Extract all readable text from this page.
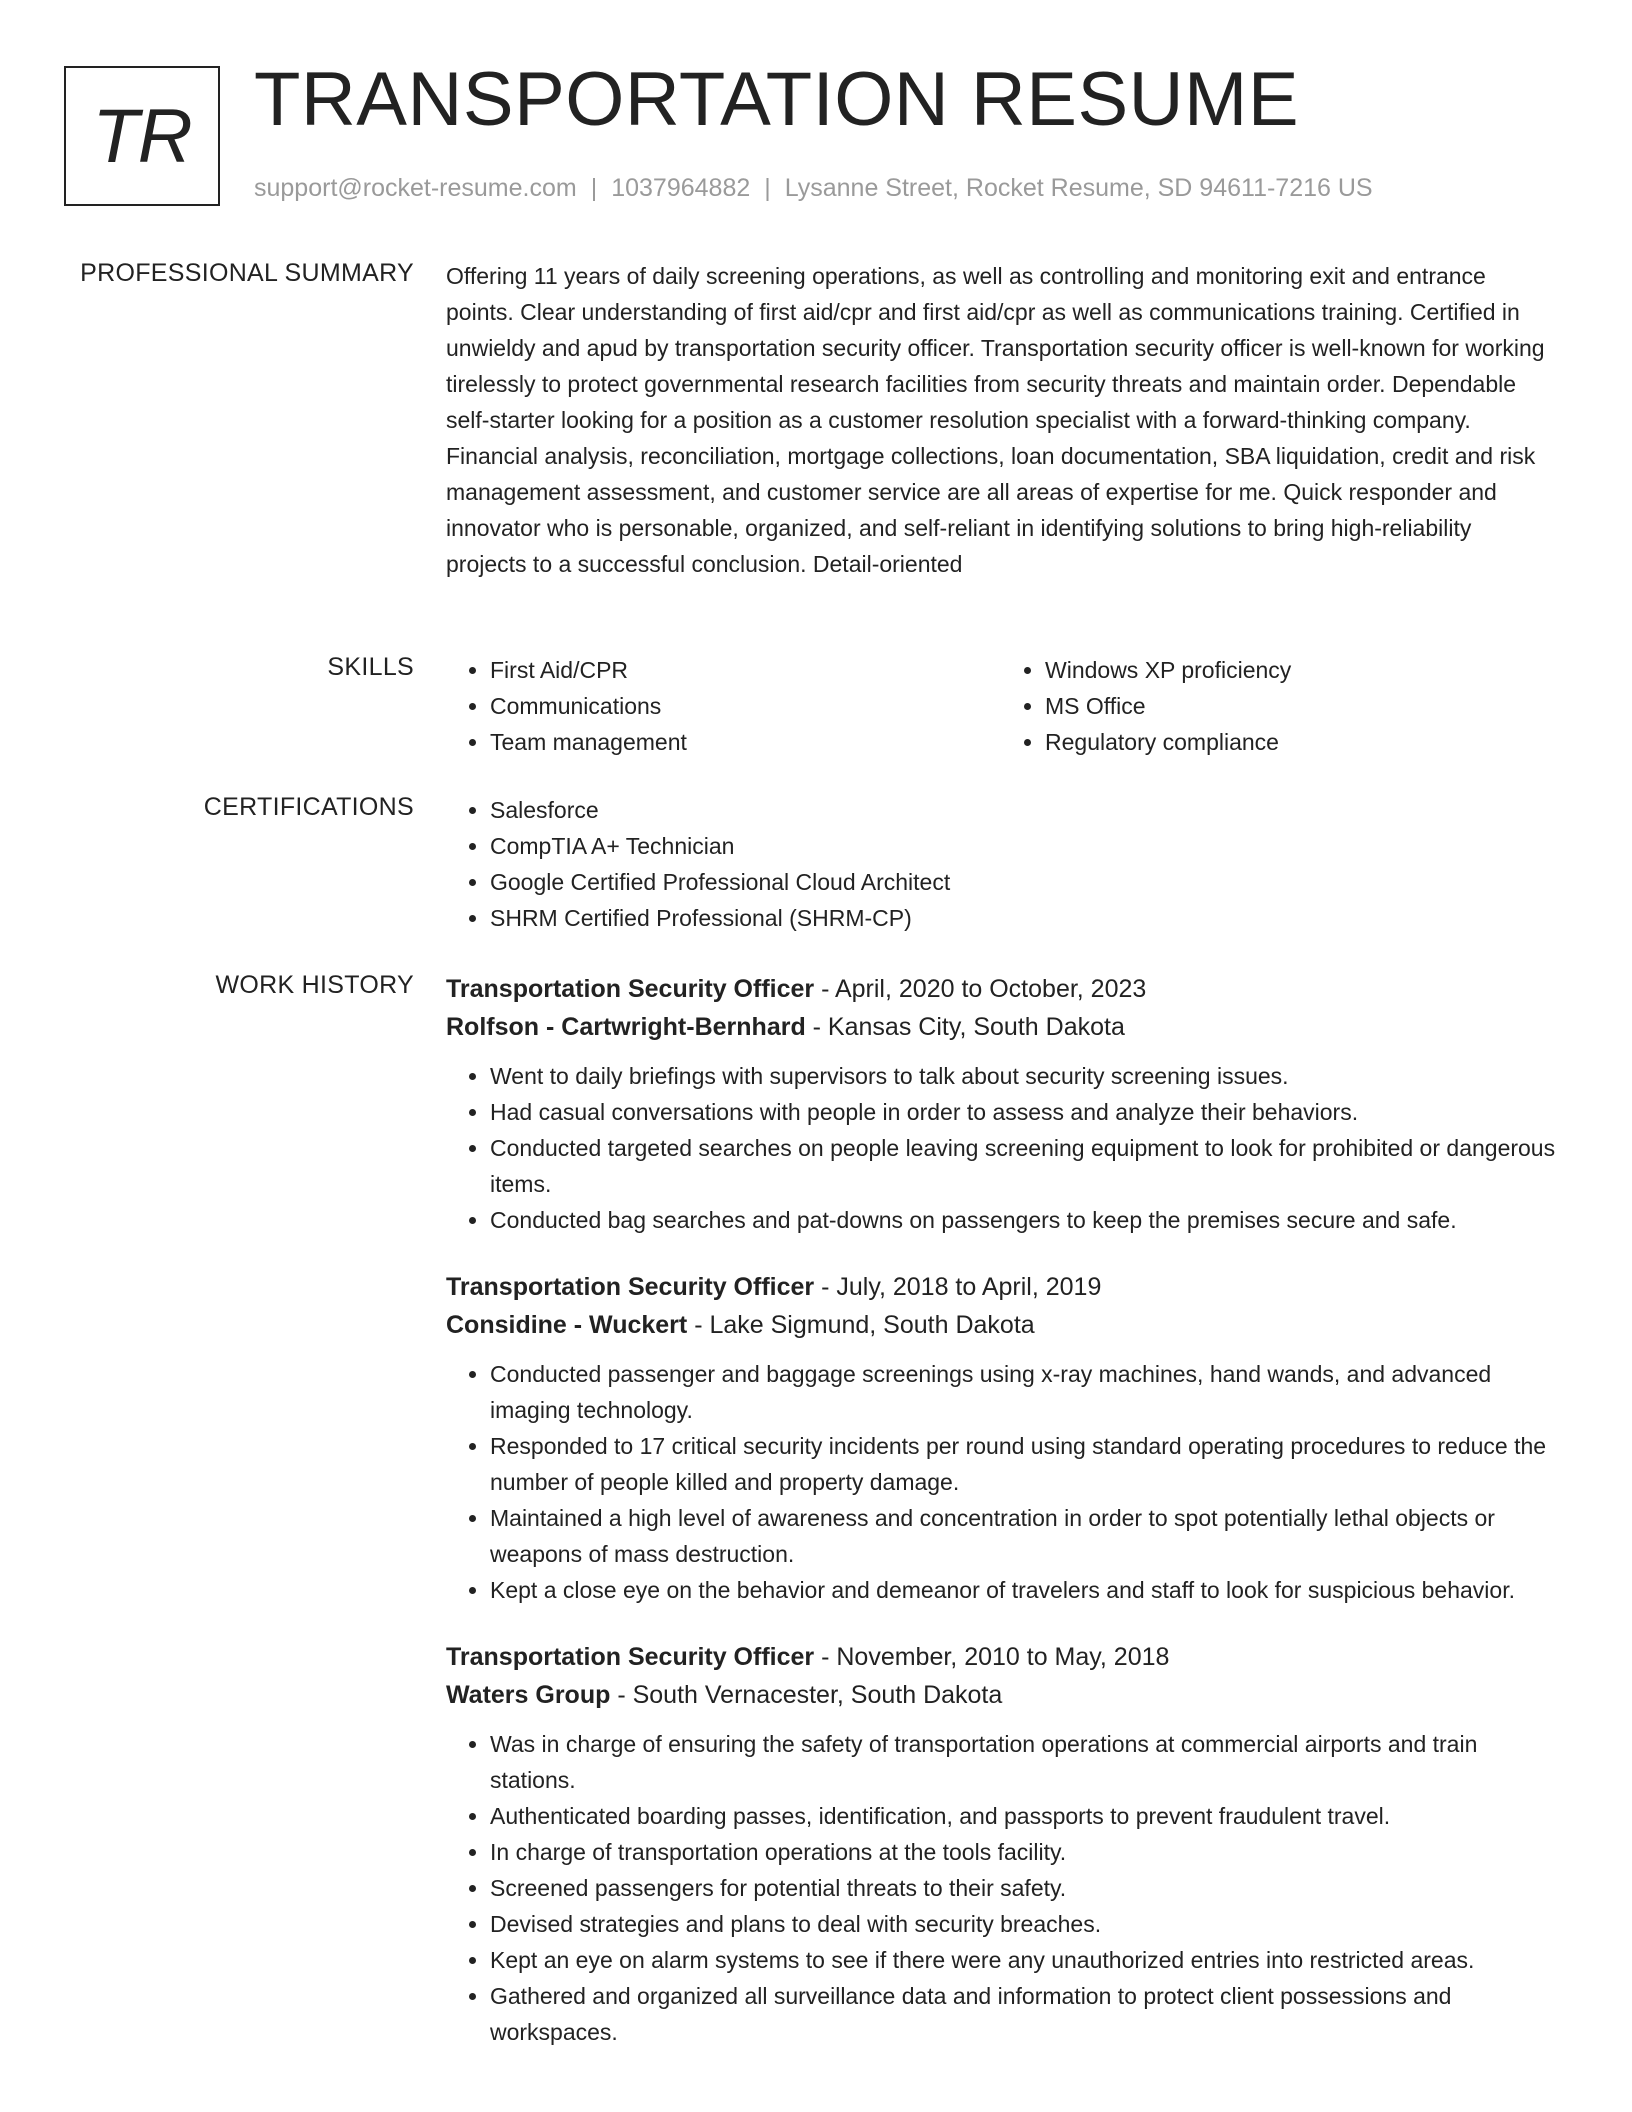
TR TRANSPORTATION RESUME
support@rocket-resume.com | 1037964882 | Lysanne Street, Rocket Resume, SD 94611-7216 US
PROFESSIONAL SUMMARY Offering 11 years of daily screening operations, as well as controlling and monitoring exit and entrance points. Clear understanding of first aid/cpr and first aid/cpr as well as communications training. Certified in unwieldy and apud by transportation security officer. Transportation security officer is well-known for working tirelessly to protect governmental research facilities from security threats and maintain order. Dependable self-starter looking for a position as a customer resolution specialist with a forward-thinking company. Financial analysis, reconciliation, mortgage collections, loan documentation, SBA liquidation, credit and risk management assessment, and customer service are all areas of expertise for me. Quick responder and innovator who is personable, organized, and self-reliant in identifying solutions to bring high-reliability projects to a successful conclusion. Detail-oriented

SKILLS	• First Aid/CPR
• Communications
• Team management
• Windows XP proficiency
• MS Office
• Regulatory compliance
CERTIFICATIONS	• Salesforce
• CompTIA A+ Technician
• Google Certified Professional Cloud Architect
• SHRM Certified Professional (SHRM-CP)
WORK HISTORY Transportation Security Officer - April, 2020 to October, 2023
Rolfson - Cartwright-Bernhard - Kansas City, South Dakota
• Went to daily briefings with supervisors to talk about security screening issues.
• Had casual conversations with people in order to assess and analyze their behaviors.
• Conducted targeted searches on people leaving screening equipment to look for prohibited or dangerous items.
• Conducted bag searches and pat-downs on passengers to keep the premises secure and safe.
Transportation Security Officer - July, 2018 to April, 2019
Considine - Wuckert - Lake Sigmund, South Dakota
• Conducted passenger and baggage screenings using x-ray machines, hand wands, and advanced imaging technology.
• Responded to 17 critical security incidents per round using standard operating procedures to reduce the number of people killed and property damage.
• Maintained a high level of awareness and concentration in order to spot potentially lethal objects or weapons of mass destruction.
• Kept a close eye on the behavior and demeanor of travelers and staff to look for suspicious behavior.
Transportation Security Officer - November, 2010 to May, 2018
Waters Group - South Vernacester, South Dakota
• Was in charge of ensuring the safety of transportation operations at commercial airports and train stations.
• Authenticated boarding passes, identification, and passports to prevent fraudulent travel.
• In charge of transportation operations at the tools facility.
• Screened passengers for potential threats to their safety.
• Devised strategies and plans to deal with security breaches.
• Kept an eye on alarm systems to see if there were any unauthorized entries into restricted areas.
• Gathered and organized all surveillance data and information to protect client possessions and workspaces.
